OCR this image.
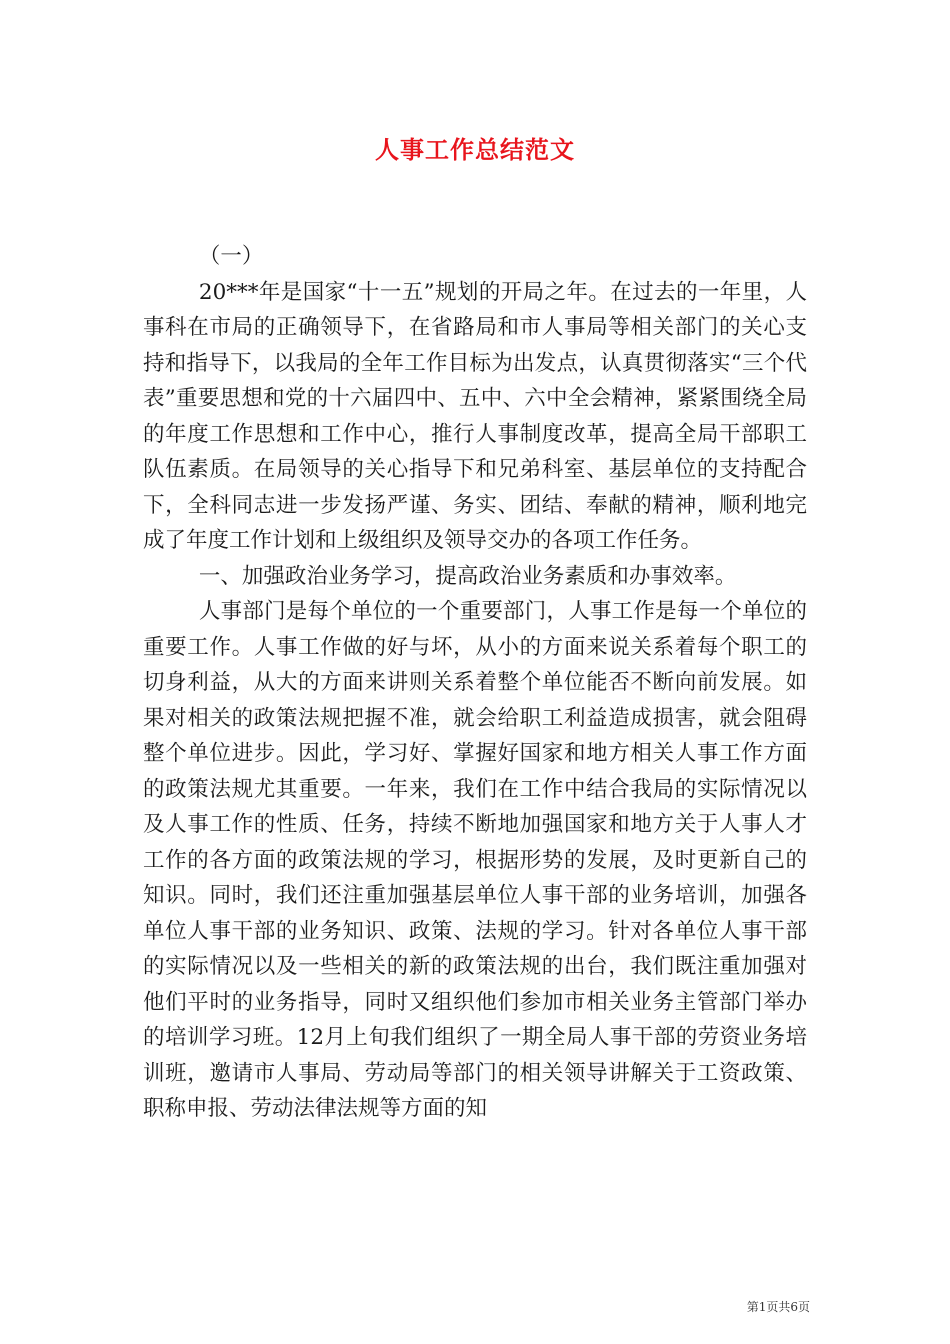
人事工作总结范文

（一）

20***年是国家“十一五”规划的开局之年。在过去的一年里，人事科在市局的正确领导下，在省路局和市人事局等相关部门的关心支持和指导下，以我局的全年工作目标为出发点，认真贯彻落实“三个代表”重要思想和党的十六届四中、五中、六中全会精神，紧紧围绕全局的年度工作思想和工作中心，推行人事制度改革，提高全局干部职工队伍素质。在局领导的关心指导下和兄弟科室、基层单位的支持配合下，全科同志进一步发扬严谨、务实、团结、奉献的精神，顺利地完成了年度工作计划和上级组织及领导交办的各项工作任务。

一、加强政治业务学习，提高政治业务素质和办事效率。

人事部门是每个单位的一个重要部门，人事工作是每一个单位的重要工作。人事工作做的好与坏，从小的方面来说关系着每个职工的切身利益，从大的方面来讲则关系着整个单位能否不断向前发展。如果对相关的政策法规把握不准，就会给职工利益造成损害，就会阻碍整个单位进步。因此，学习好、掌握好国家和地方相关人事工作方面的政策法规尤其重要。一年来，我们在工作中结合我局的实际情况以及人事工作的性质、任务，持续不断地加强国家和地方关于人事人才工作的各方面的政策法规的学习，根据形势的发展，及时更新自己的知识。同时，我们还注重加强基层单位人事干部的业务培训，加强各单位人事干部的业务知识、政策、法规的学习。针对各单位人事干部的实际情况以及一些相关的新的政策法规的出台，我们既注重加强对他们平时的业务指导，同时又组织他们参加市相关业务主管部门举办的培训学习班。12月上旬我们组织了一期全局人事干部的劳资业务培训班，邀请市人事局、劳动局等部门的相关领导讲解关于工资政策、职称申报、劳动法律法规等方面的知

第1页共6页
